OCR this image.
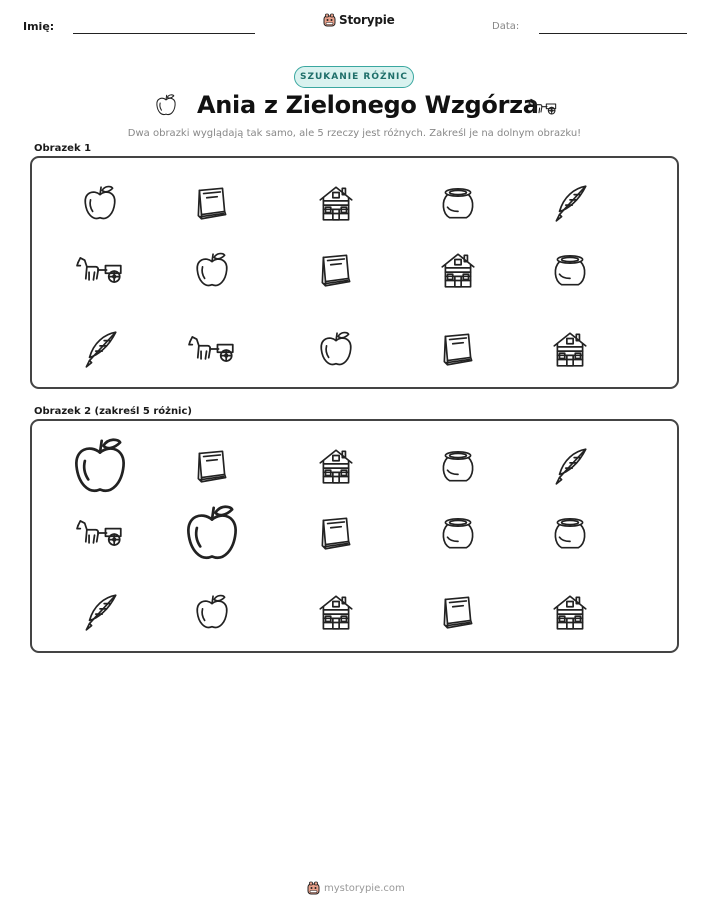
Imię:	Storypie	Data:
SZUKANIE RÓŻNIC
Ania z Zielonego Wzgórza
Dwa obrazki wyglądają tak samo, ale 5 rzeczy jest różnych. Zakreśl je na dolnym obrazku!
Obrazek 1
Obrazek 2 (zakreśl 5 różnic)
mystorypie.com
